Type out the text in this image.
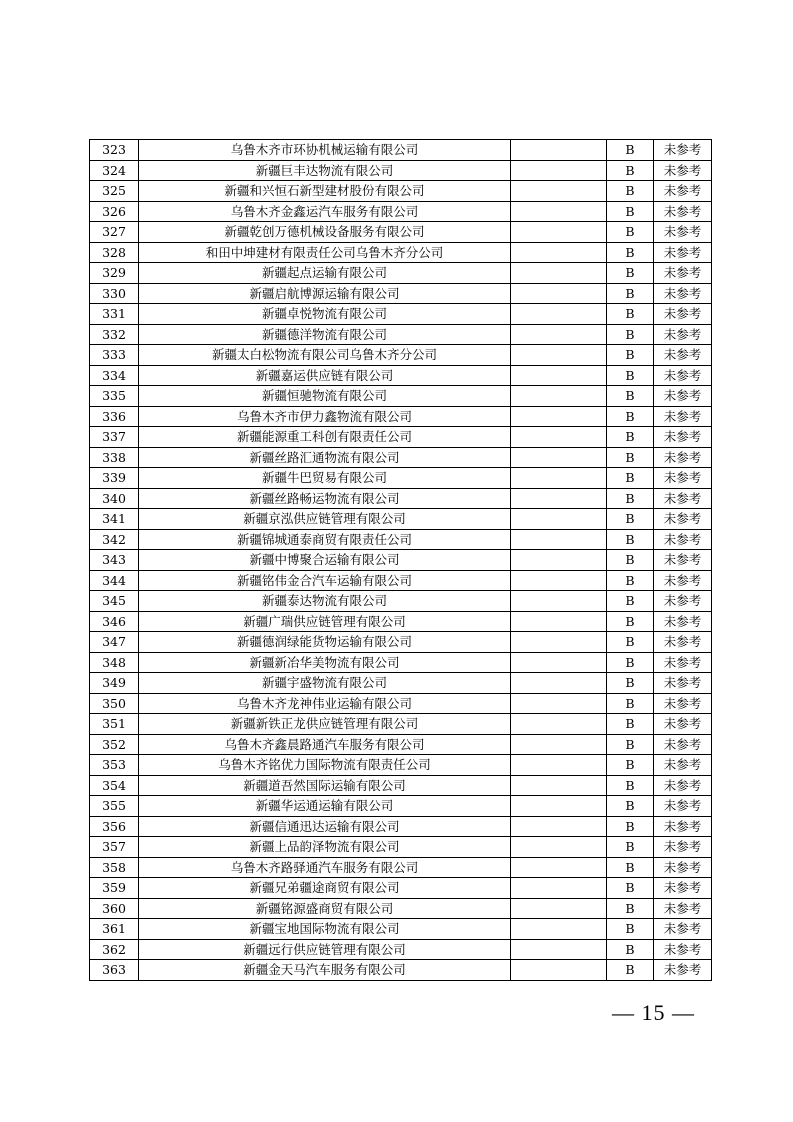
323	乌鲁木齐市环协机械运输有限公司		B	未参考
324	新疆巨丰达物流有限公司		B	未参考
325	新疆和兴恒石新型建材股份有限公司		B	未参考
326	乌鲁木齐金鑫运汽车服务有限公司		B	未参考
327	新疆乾创万德机械设备服务有限公司		B	未参考
328	和田中坤建材有限责任公司乌鲁木齐分公司		B	未参考
329	新疆起点运输有限公司		B	未参考
330	新疆启航博源运输有限公司		B	未参考
331	新疆卓悦物流有限公司		B	未参考
332	新疆德洋物流有限公司		B	未参考
333	新疆太白松物流有限公司乌鲁木齐分公司		B	未参考
334	新疆嘉运供应链有限公司		B	未参考
335	新疆恒驰物流有限公司		B	未参考
336	乌鲁木齐市伊力鑫物流有限公司		B	未参考
337	新疆能源重工科创有限责任公司		B	未参考
338	新疆丝路汇通物流有限公司		B	未参考
339	新疆牛巴贸易有限公司		B	未参考
340	新疆丝路畅运物流有限公司		B	未参考
341	新疆京泓供应链管理有限公司		B	未参考
342	新疆锦城通泰商贸有限责任公司		B	未参考
343	新疆中博聚合运输有限公司		B	未参考
344	新疆铭伟金合汽车运输有限公司		B	未参考
345	新疆泰达物流有限公司		B	未参考
346	新疆广瑞供应链管理有限公司		B	未参考
347	新疆德润绿能货物运输有限公司		B	未参考
348	新疆新冶华美物流有限公司		B	未参考
349	新疆宇盛物流有限公司		B	未参考
350	乌鲁木齐龙神伟业运输有限公司		B	未参考
351	新疆新铁正龙供应链管理有限公司		B	未参考
352	乌鲁木齐鑫晨路通汽车服务有限公司		B	未参考
353	乌鲁木齐铭优力国际物流有限责任公司		B	未参考
354	新疆道吾然国际运输有限公司		B	未参考
355	新疆华运通运输有限公司		B	未参考
356	新疆信通迅达运输有限公司		B	未参考
357	新疆上品韵泽物流有限公司		B	未参考
358	乌鲁木齐路驿通汽车服务有限公司		B	未参考
359	新疆兄弟疆途商贸有限公司		B	未参考
360	新疆铭源盛商贸有限公司		B	未参考
361	新疆宝地国际物流有限公司		B	未参考
362	新疆远行供应链管理有限公司		B	未参考
363	新疆金天马汽车服务有限公司		B	未参考
— 15 —
